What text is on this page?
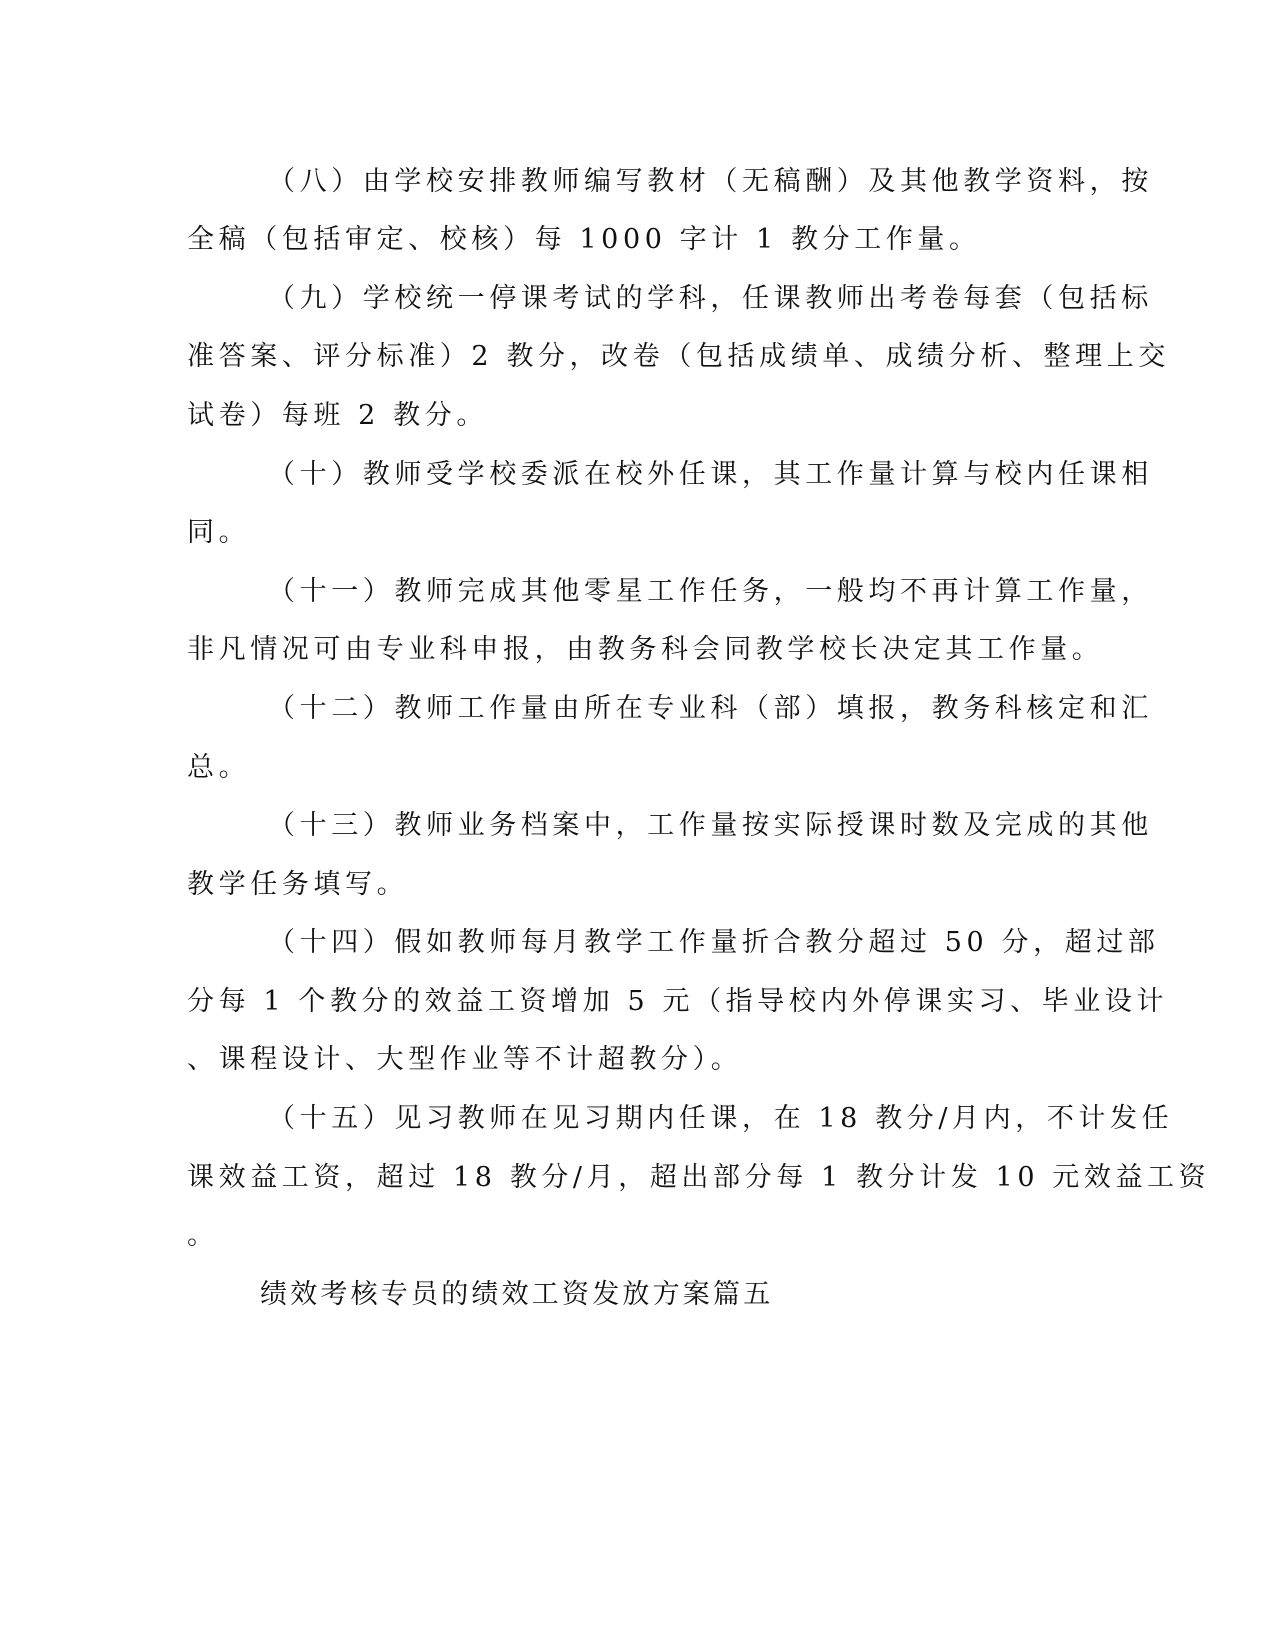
（八）由学校安排教师编写教材（无稿酬）及其他教学资料，按
全稿（包括审定、校核）每 1000 字计 1 教分工作量。
（九）学校统一停课考试的学科，任课教师出考卷每套（包括标
准答案、评分标准）2 教分，改卷（包括成绩单、成绩分析、整理上交
试卷）每班 2 教分。
（十）教师受学校委派在校外任课，其工作量计算与校内任课相
同。
（十一）教师完成其他零星工作任务，一般均不再计算工作量，
非凡情况可由专业科申报，由教务科会同教学校长决定其工作量。
（十二）教师工作量由所在专业科（部）填报，教务科核定和汇
总。
（十三）教师业务档案中，工作量按实际授课时数及完成的其他
教学任务填写。
（十四）假如教师每月教学工作量折合教分超过 50 分，超过部
分每 1 个教分的效益工资增加 5 元（指导校内外停课实习、毕业设计
、课程设计、大型作业等不计超教分）。
（十五）见习教师在见习期内任课，在 18 教分/月内，不计发任
课效益工资，超过 18 教分/月，超出部分每 1 教分计发 10 元效益工资
。
绩效考核专员的绩效工资发放方案篇五
